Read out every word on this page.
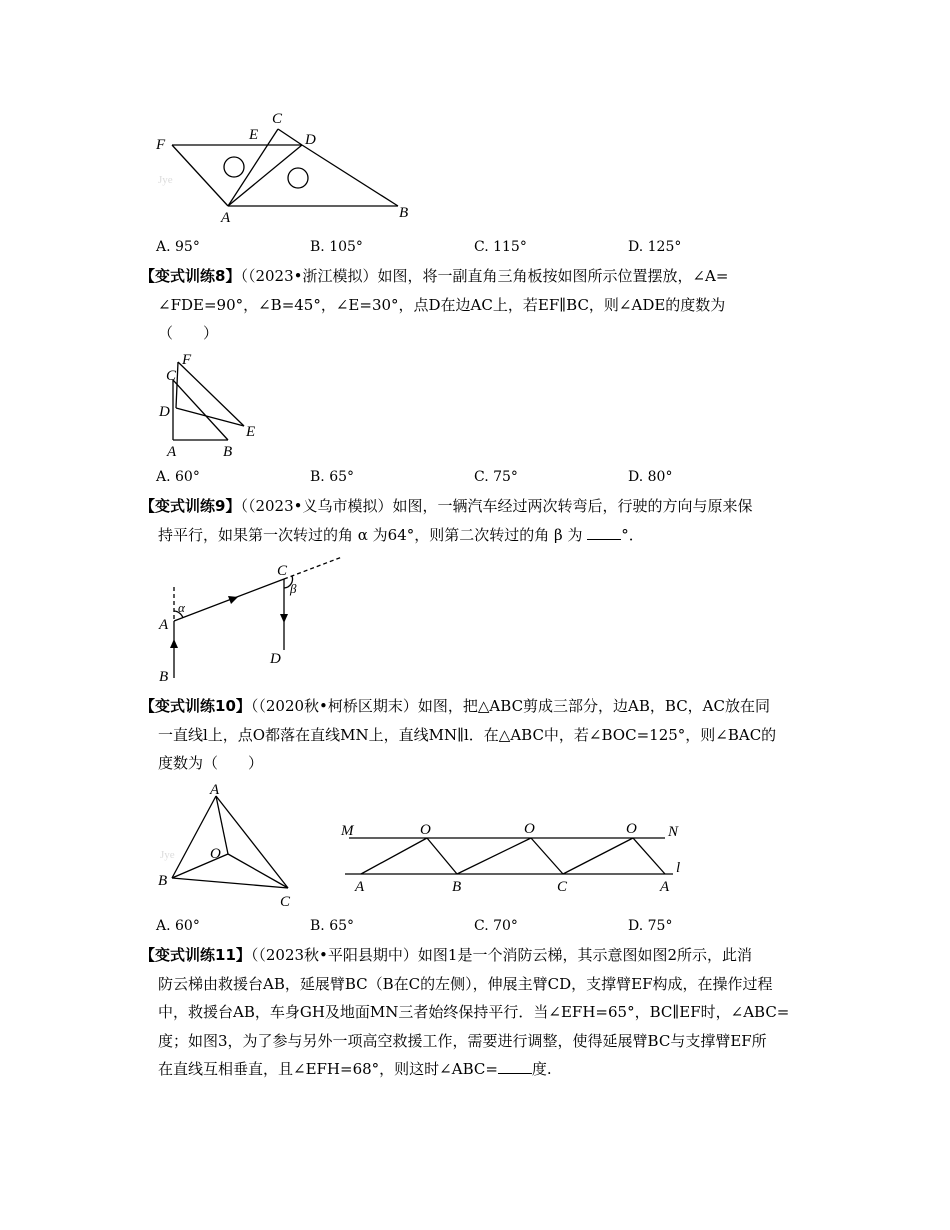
F
E
C
D
A	B
Jye
A. 95°	B. 105°	C. 115°	D. 125°
【变式训练8】（（2023•浙江模拟）如图，将一副直角三角板按如图所示位置摆放，∠A=
∠FDE=90°，∠B=45°，∠E=30°，点D在边AC上，若EF∥BC，则∠ADE的度数为
（　　）
F
C
D
E
A	B
A. 60°	B. 65°	C. 75°	D. 80°
【变式训练9】（（2023•义乌市模拟）如图，一辆汽车经过两次转弯后，行驶的方向与原来保
持平行，如果第一次转过的角 α 为64°，则第二次转过的角 β 为 °．
α
β
A
B
C
D
【变式训练10】（（2020秋•柯桥区期末）如图，把△ABC剪成三部分，边AB，BC，AC放在同
一直线l上，点O都落在直线MN上，直线MN∥l．在△ABC中，若∠BOC=125°，则∠BAC的
度数为（　　）
A
O
B
C
Jye
M	N
l
O	O	O
A	B	C	A
A. 60°	B. 65°	C. 70°	D. 75°
【变式训练11】（（2023秋•平阳县期中）如图1是一个消防云梯，其示意图如图2所示，此消
防云梯由救援台AB，延展臂BC（B在C的左侧），伸展主臂CD，支撑臂EF构成，在操作过程
中，救援台AB，车身GH及地面MN三者始终保持平行．当∠EFH=65°，BC∥EF时，∠ABC=
度；如图3，为了参与另外一项高空救援工作，需要进行调整，使得延展臂BC与支撑臂EF所
在直线互相垂直，且∠EFH=68°，则这时∠ABC= 度.
